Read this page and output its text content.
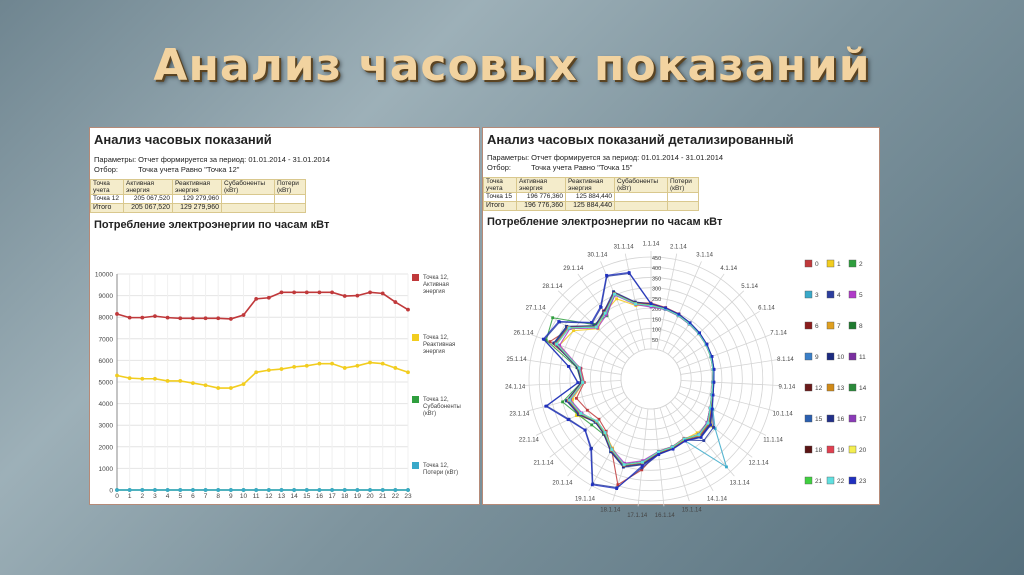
Анализ часовых показаний
Анализ часовых показаний
Параметры: Отчет формируется за период: 01.01.2014 - 31.01.2014
Отбор:	Точка учета Равно "Точка 12"
Точка учета	Активная энергия	Реактивная энергия	Субабоненты (кВт)	Потери (кВт)
Точка 12	205 067,520	129 279,960		
Итого	205 067,520	129 279,960		
Потребление электроэнергии по часам кВт
0
1000
2000
3000
4000
5000
6000
7000
8000
9000
10000
0 1 2 3 4 5 6 7 8 9 10 11 12 13 14 15 16 17 18 19 20 21 22 23
Точка 12,
Активная
энергия
Точка 12,
Реактивная
энергия
Точка 12,
Субабоненты
(кВт)
Точка 12,
Потери (кВт)
Анализ часовых показаний детализированный
Параметры: Отчет формируется за период: 01.01.2014 - 31.01.2014
Отбор:	Точка учета Равно "Точка 15"
Точка учета	Активная энергия	Реактивная энергия	Субабоненты (кВт)	Потери (кВт)
Точка 15	196 776,360	125 884,440		
Итого	196 776,360	125 884,440		
Потребление электроэнергии по часам кВт
50
100
150
200
250
300
350
400
450
1.1.14 2.1.14
3.1.14
4.1.14
5.1.14
6.1.14
7.1.14
8.1.14
9.1.14
10.1.14
11.1.14
12.1.14
13.1.14
14.1.14
15.1.14
16.1.14
17.1.14
18.1.14
19.1.14
20.1.14
21.1.14
22.1.14
23.1.14
24.1.14
25.1.14
26.1.14
27.1.14
28.1.14
29.1.14
30.1.14
31.1.14
0	1	2
3	4	5
6	7	8
9	10 11
12 13 14
15 16 17
18 19 20
21 22 23
